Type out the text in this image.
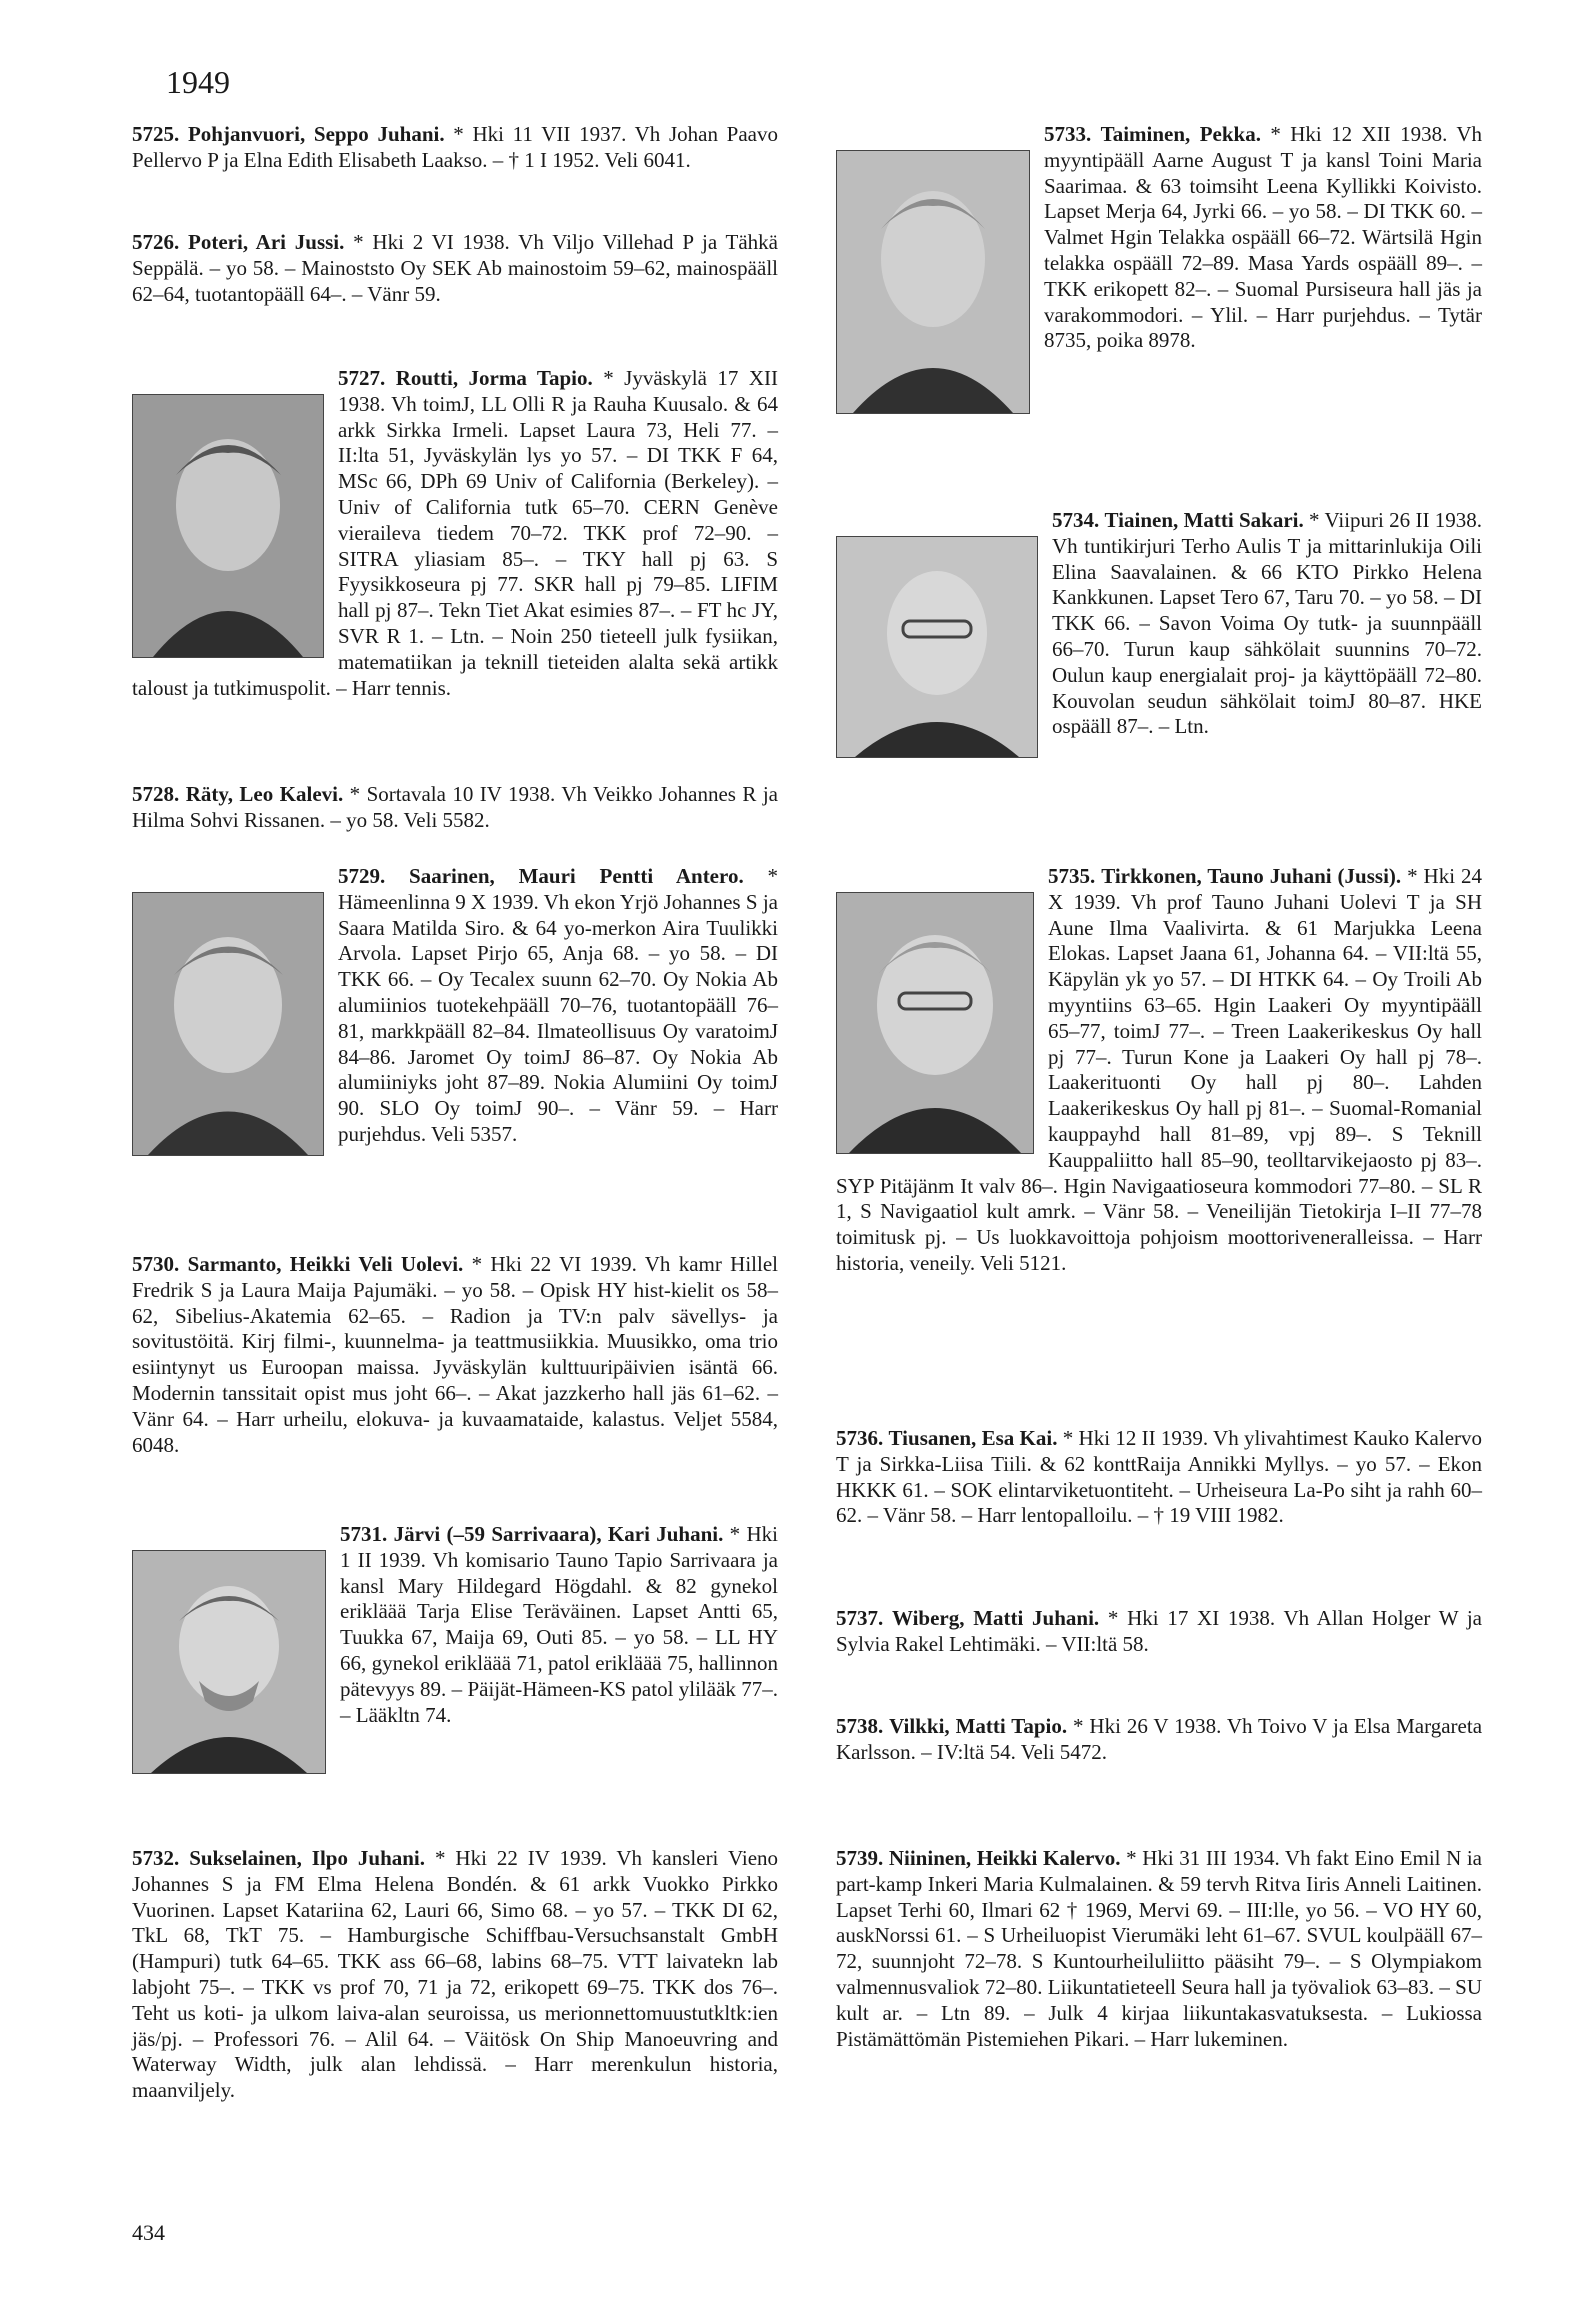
1949
5725. Pohjanvuori, Seppo Juhani. * Hki 11 VII 1937. Vh Johan Paavo Pellervo P ja Elna Edith Elisabeth Laakso. – † 1 I 1952. Veli 6041.
5726. Poteri, Ari Jussi. * Hki 2 VI 1938. Vh Viljo Villehad P ja Tähkä Seppälä. – yo 58. – Mainoststo Oy SEK Ab mainostoim 59–62, mainospääll 62–64, tuotantopääll 64–. – Vänr 59.
5727. Routti, Jorma Tapio. * Jyväskylä 17 XII 1938. Vh toimJ, LL Olli R ja Rauha Kuusalo. & 64 arkk Sirkka Irmeli. Lapset Laura 73, Heli 77. – II:lta 51, Jyväskylän lys yo 57. – DI TKK F 64, MSc 66, DPh 69 Univ of California (Berkeley). – Univ of California tutk 65–70. CERN Genève vieraileva tiedem 70–72. TKK prof 72–90. – SITRA yliasiam 85–. – TKY hall pj 63. S Fyysikkoseura pj 77. SKR hall pj 79–85. LIFIM hall pj 87–. Tekn Tiet Akat esimies 87–. – FT hc JY, SVR R 1. – Ltn. – Noin 250 tieteell julk fysiikan, matematiikan ja teknill tieteiden alalta sekä artikk taloust ja tutkimuspolit. – Harr tennis.
5728. Räty, Leo Kalevi. * Sortavala 10 IV 1938. Vh Veikko Johannes R ja Hilma Sohvi Rissanen. – yo 58. Veli 5582.
5729. Saarinen, Mauri Pentti Antero. * Hämeenlinna 9 X 1939. Vh ekon Yrjö Johannes S ja Saara Matilda Siro. & 64 yo-merkon Aira Tuulikki Arvola. Lapset Pirjo 65, Anja 68. – yo 58. – DI TKK 66. – Oy Tecalex suunn 62–70. Oy Nokia Ab alumiinios tuotekehpääll 70–76, tuotantopääll 76–81, markkpääll 82–84. Ilmateollisuus Oy varatoimJ 84–86. Jaromet Oy toimJ 86–87. Oy Nokia Ab alumiiniyks joht 87–89. Nokia Alumiini Oy toimJ 90. SLO Oy toimJ 90–. – Vänr 59. – Harr purjehdus. Veli 5357.
5730. Sarmanto, Heikki Veli Uolevi. * Hki 22 VI 1939. Vh kamr Hillel Fredrik S ja Laura Maija Pajumäki. – yo 58. – Opisk HY hist-kielit os 58–62, Sibelius-Akatemia 62–65. – Radion ja TV:n palv sävellys- ja sovitustöitä. Kirj filmi-, kuunnelma- ja teattmusiikkia. Muusikko, oma trio esiintynyt us Euroopan maissa. Jyväskylän kulttuuripäivien isäntä 66. Modernin tanssitait opist mus joht 66–. – Akat jazzkerho hall jäs 61–62. – Vänr 64. – Harr urheilu, elokuva- ja kuvaamataide, kalastus. Veljet 5584, 6048.
5731. Järvi (–59 Sarrivaara), Kari Juhani. * Hki 1 II 1939. Vh komisario Tauno Tapio Sarrivaara ja kansl Mary Hildegard Högdahl. & 82 gynekol erikläää Tarja Elise Teräväinen. Lapset Antti 65, Tuukka 67, Maija 69, Outi 85. – yo 58. – LL HY 66, gynekol erikläää 71, patol erikläää 75, hallinnon pätevyys 89. – Päijät-Hämeen-KS patol ylilääk 77–. – Lääkltn 74.
5732. Sukselainen, Ilpo Juhani. * Hki 22 IV 1939. Vh kansleri Vieno Johannes S ja FM Elma Helena Bondén. & 61 arkk Vuokko Pirkko Vuorinen. Lapset Katariina 62, Lauri 66, Simo 68. – yo 57. – TKK DI 62, TkL 68, TkT 75. – Hamburgische Schiffbau-Versuchsanstalt GmbH (Hampuri) tutk 64–65. TKK ass 66–68, labins 68–75. VTT laivatekn lab labjoht 75–. – TKK vs prof 70, 71 ja 72, erikopett 69–75. TKK dos 76–. Teht us koti- ja ulkom laiva-alan seuroissa, us merionnettomuustutkltk:ien jäs/pj. – Professori 76. – Alil 64. – Väitösk On Ship Manoeuvring and Waterway Width, julk alan lehdissä. – Harr merenkulun historia, maanviljely.
5733. Taiminen, Pekka. * Hki 12 XII 1938. Vh myyntipääll Aarne August T ja kansl Toini Maria Saarimaa. & 63 toimsiht Leena Kyllikki Koivisto. Lapset Merja 64, Jyrki 66. – yo 58. – DI TKK 60. – Valmet Hgin Telakka ospääll 66–72. Wärtsilä Hgin telakka ospääll 72–89. Masa Yards ospääll 89–. – TKK erikopett 82–. – Suomal Pursiseura hall jäs ja varakommodori. – Ylil. – Harr purjehdus. – Tytär 8735, poika 8978.
5734. Tiainen, Matti Sakari. * Viipuri 26 II 1938. Vh tuntikirjuri Terho Aulis T ja mittarinlukija Oili Elina Saavalainen. & 66 KTO Pirkko Helena Kankkunen. Lapset Tero 67, Taru 70. – yo 58. – DI TKK 66. – Savon Voima Oy tutk- ja suunnpääll 66–70. Turun kaup sähkölait suunnins 70–72. Oulun kaup energialait proj- ja käyttöpääll 72–80. Kouvolan seudun sähkölait toimJ 80–87. HKE ospääll 87–. – Ltn.
5735. Tirkkonen, Tauno Juhani (Jussi). * Hki 24 X 1939. Vh prof Tauno Juhani Uolevi T ja SH Aune Ilma Vaalivirta. & 61 Marjukka Leena Elokas. Lapset Jaana 61, Johanna 64. – VII:ltä 55, Käpylän yk yo 57. – DI HTKK 64. – Oy Troili Ab myyntiins 63–65. Hgin Laakeri Oy myyntipääll 65–77, toimJ 77–. – Treen Laakerikeskus Oy hall pj 77–. Turun Kone ja Laakeri Oy hall pj 78–. Laakerituonti Oy hall pj 80–. Lahden Laakerikeskus Oy hall pj 81–. – Suomal-Romanial kauppayhd hall 81–89, vpj 89–. S Teknill Kauppaliitto hall 85–90, teolltarvikejaosto pj 83–. SYP Pitäjänm It valv 86–. Hgin Navigaatioseura kommodori 77–80. – SL R 1, S Navigaatiol kult amrk. – Vänr 58. – Veneilijän Tietokirja I–II 77–78 toimitusk pj. – Us luokkavoittoja pohjoism moottoriveneralleissa. – Harr historia, veneily. Veli 5121.
5736. Tiusanen, Esa Kai. * Hki 12 II 1939. Vh ylivahtimest Kauko Kalervo T ja Sirkka-Liisa Tiili. & 62 konttRaija Annikki Myllys. – yo 57. – Ekon HKKK 61. – SOK elintarviketuontiteht. – Urheiseura La-Po siht ja rahh 60–62. – Vänr 58. – Harr lentopalloilu. – † 19 VIII 1982.
5737. Wiberg, Matti Juhani. * Hki 17 XI 1938. Vh Allan Holger W ja Sylvia Rakel Lehtimäki. – VII:ltä 58.
5738. Vilkki, Matti Tapio. * Hki 26 V 1938. Vh Toivo V ja Elsa Margareta Karlsson. – IV:ltä 54. Veli 5472.
5739. Niininen, Heikki Kalervo. * Hki 31 III 1934. Vh fakt Eino Emil N ia part-kamp Inkeri Maria Kulmalainen. & 59 tervh Ritva Iiris Anneli Laitinen. Lapset Terhi 60, Ilmari 62 † 1969, Mervi 69. – III:lle, yo 56. – VO HY 60, auskNorssi 61. – S Urheiluopist Vierumäki leht 61–67. SVUL koulpääll 67–72, suunnjoht 72–78. S Kuntourheiluliitto pääsiht 79–. – S Olympiakom valmennusvaliok 72–80. Liikuntatieteell Seura hall ja työvaliok 63–83. – SU kult ar. – Ltn 89. – Julk 4 kirjaa liikuntakasvatuksesta. – Lukiossa Pistämättömän Pistemiehen Pikari. – Harr lukeminen.
434
